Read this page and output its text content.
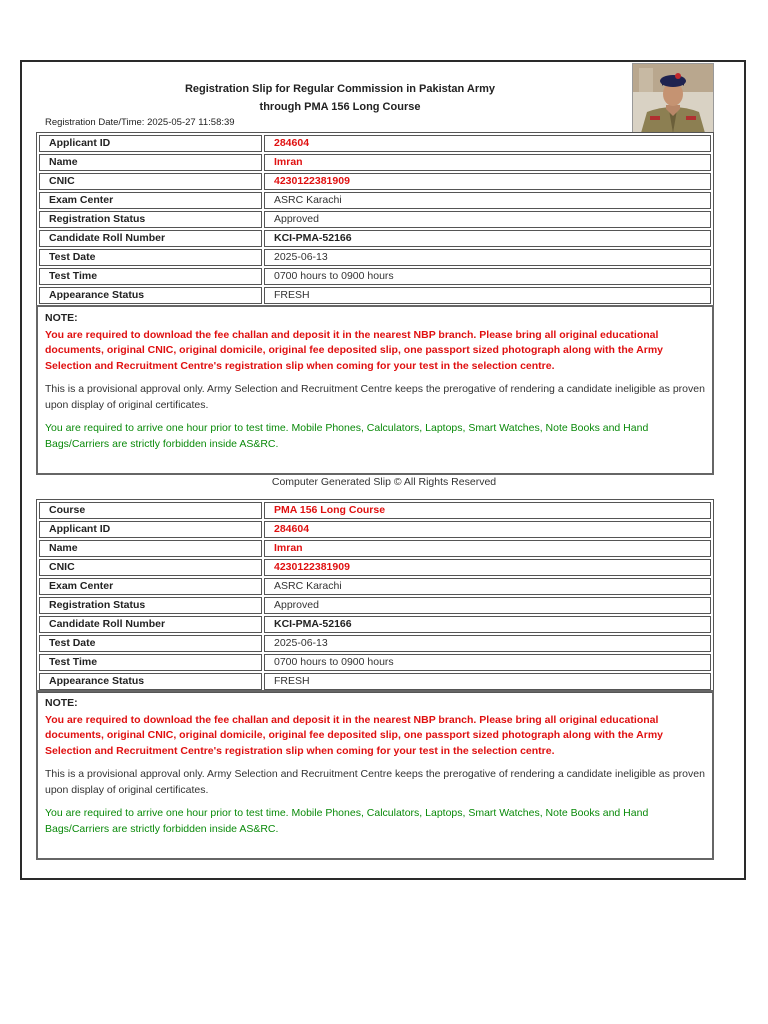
Registration Slip for Regular Commission in Pakistan Army
through PMA 156 Long Course
Registration Date/Time: 2025-05-27 11:58:39
Applicant ID	284604
Name	Imran
CNIC	4230122381909
Exam Center	ASRC Karachi
Registration Status	Approved
Candidate Roll Number	KCI-PMA-52166
Test Date	2025-06-13
Test Time	0700 hours to 0900 hours
Appearance Status	FRESH
NOTE:
You are required to download the fee challan and deposit it in the nearest NBP branch. Please bring all original educational documents, original CNIC, original domicile, original fee deposited slip, one passport sized photograph along with the Army Selection and Recruitment Centre's registration slip when coming for your test in the selection centre.
This is a provisional approval only. Army Selection and Recruitment Centre keeps the prerogative of rendering a candidate ineligible as proven upon display of original certificates.
You are required to arrive one hour prior to test time. Mobile Phones, Calculators, Laptops, Smart Watches, Note Books and Hand Bags/Carriers are strictly forbidden inside AS&RC.
Computer Generated Slip © All Rights Reserved
Course	PMA 156 Long Course
Applicant ID	284604
Name	Imran
CNIC	4230122381909
Exam Center	ASRC Karachi
Registration Status	Approved
Candidate Roll Number	KCI-PMA-52166
Test Date	2025-06-13
Test Time	0700 hours to 0900 hours
Appearance Status	FRESH
NOTE:
You are required to download the fee challan and deposit it in the nearest NBP branch. Please bring all original educational documents, original CNIC, original domicile, original fee deposited slip, one passport sized photograph along with the Army Selection and Recruitment Centre's registration slip when coming for your test in the selection centre.
This is a provisional approval only. Army Selection and Recruitment Centre keeps the prerogative of rendering a candidate ineligible as proven upon display of original certificates.
You are required to arrive one hour prior to test time. Mobile Phones, Calculators, Laptops, Smart Watches, Note Books and Hand Bags/Carriers are strictly forbidden inside AS&RC.
